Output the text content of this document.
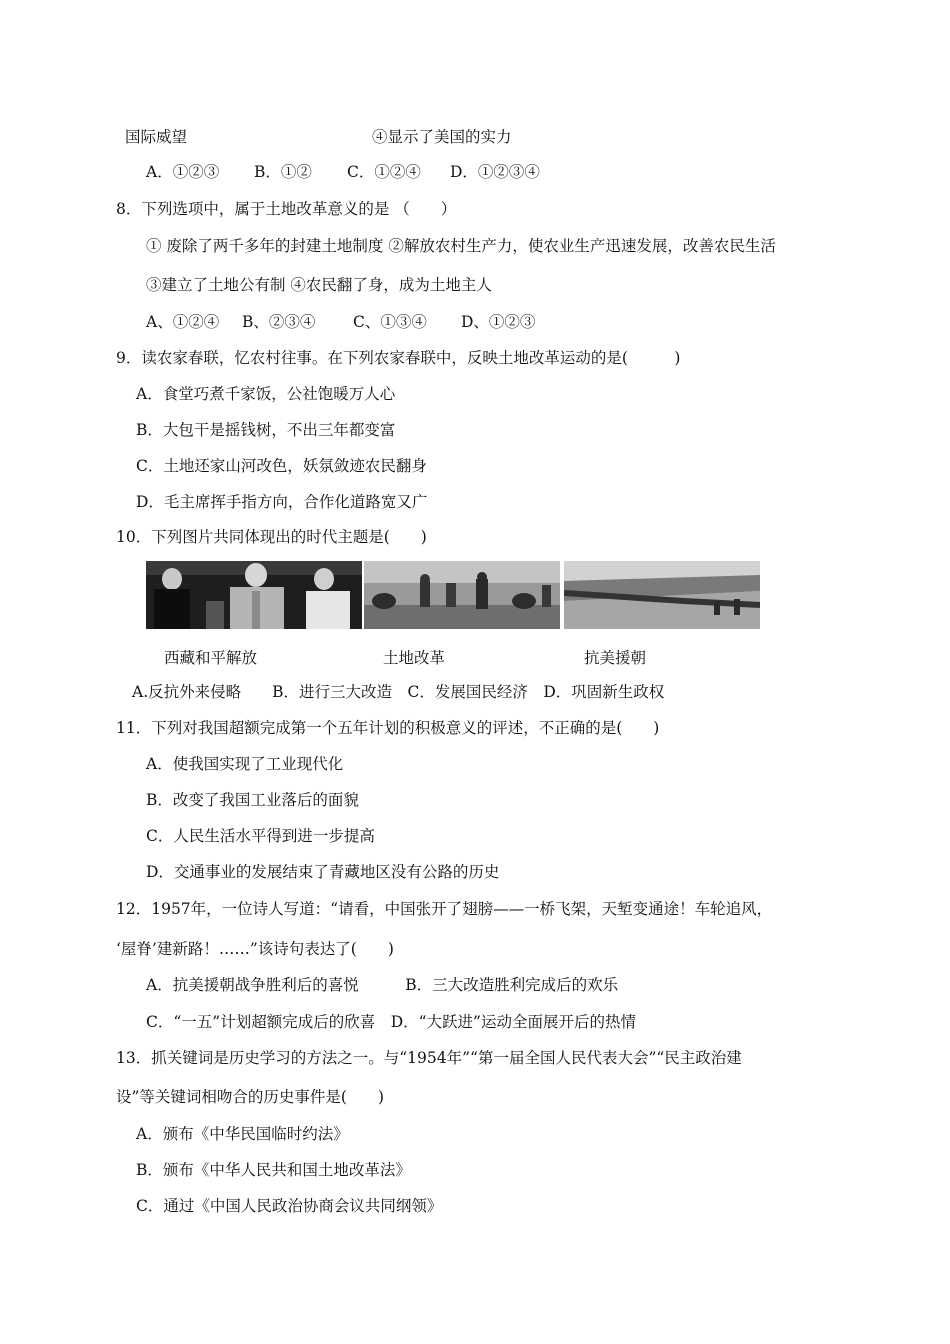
国际威望	④显示了美国的实力
A．①②③ B．①② C．①②④ D．①②③④
8．下列选项中，属于土地改革意义的是 （　　）
① 废除了两千多年的封建土地制度 ②解放农村生产力，使农业生产迅速发展，改善农民生活
③建立了土地公有制 ④农民翻了身，成为土地主人
A、①②④ B、②③④ C、①③④ D、①②③
9．读农家春联，忆农村往事。在下列农家春联中，反映土地改革运动的是(　　　)
A．食堂巧煮千家饭，公社饱暖万人心
B．大包干是摇钱树，不出三年都变富
C．土地还家山河改色，妖氛敛迹农民翻身
D．毛主席挥手指方向，合作化道路宽又广
10．下列图片共同体现出的时代主题是(　　)
西藏和平解放	土地改革	抗美援朝
A.反抗外来侵略　　B．进行三大改造　C．发展国民经济　D．巩固新生政权
11．下列对我国超额完成第一个五年计划的积极意义的评述，不正确的是(　　)
A．使我国实现了工业现代化
B．改变了我国工业落后的面貌
C．人民生活水平得到进一步提高
D．交通事业的发展结束了青藏地区没有公路的历史
12．1957年，一位诗人写道：“请看，中国张开了翅膀——一桥飞架，天堑变通途！车轮追风，
‘屋脊’建新路！……”该诗句表达了(　　)
A．抗美援朝战争胜利后的喜悦　　　B．三大改造胜利完成后的欢乐
C．“一五”计划超额完成后的欣喜　D．“大跃进”运动全面展开后的热情
13．抓关键词是历史学习的方法之一。与“1954年”“第一届全国人民代表大会”“民主政治建
设”等关键词相吻合的历史事件是(　　)
A．颁布《中华民国临时约法》
B．颁布《中华人民共和国土地改革法》
C．通过《中国人民政治协商会议共同纲领》
